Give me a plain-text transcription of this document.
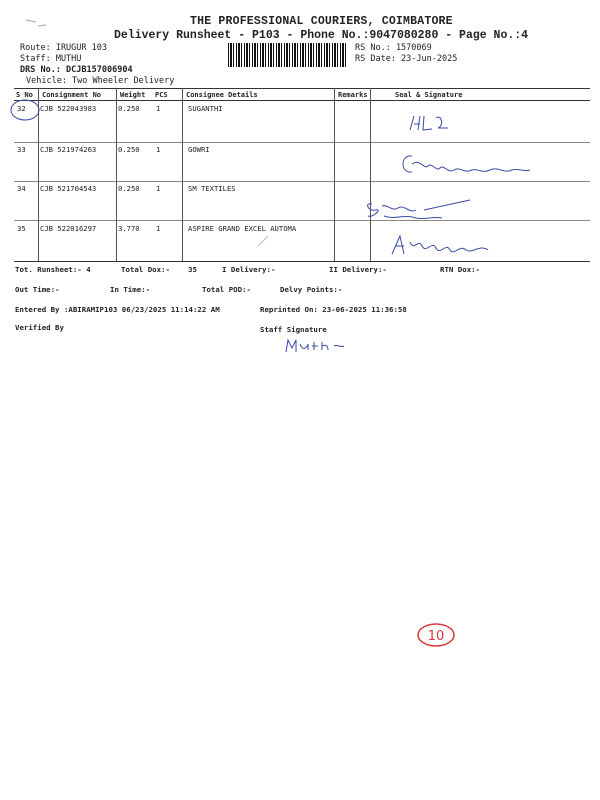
THE PROFESSIONAL COURIERS, COIMBATORE
Delivery Runsheet - P103 - Phone No.:9047080280 - Page No.:4
Route: IRUGUR 103
Staff: MUTHU
DRS No.: DCJB157006904
Vehicle: Two Wheeler Delivery
RS No.: 1570069
RS Date: 23-Jun-2025
S No Consignment No	Weight PCS	Consignee Details	Remarks	Seal & Signature
32 CJB 522043983	0.250 1	SUGANTHI
33 CJB 521974263	0.250 1	GOWRI
34 CJB 521704543	0.250 1	SM TEXTILES
35 CJB 522016297	3.770 1	ASPIRE GRAND EXCEL AUTOMA
Tot. Runsheet:- 4	Total Dox:- 35	I Delivery:-	II Delivery:-	RTN Dox:-
Out Time:-	In Time:-	Total POD:-	Delvy Points:-
Entered By :ABIRAMIP103 06/23/2025 11:14:22 AM	Reprinted On: 23-06-2025 11:36:58
Verified By	Staff Signature
10
